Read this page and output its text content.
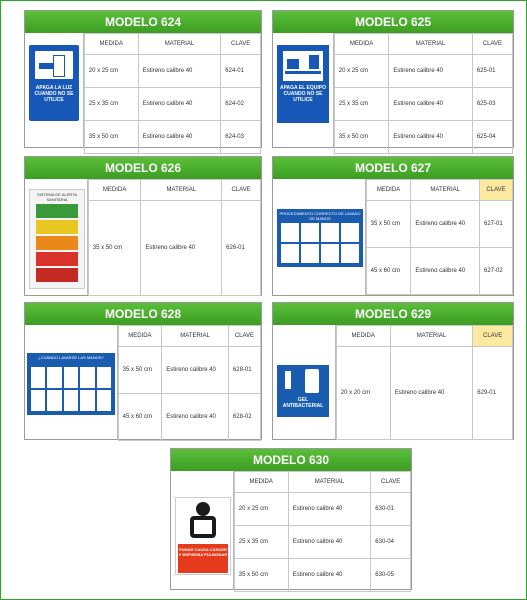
MODELO 624
APAGA LA LUZ CUANDO NO SE UTILICE
MEDIDA	MATERIAL	CLAVE
20 x 25 cm	Estireno calibre 40	624-01
25 x 35 cm	Estireno calibre 40	624-02
35 x 50 cm	Estireno calibre 40	624-03
MODELO 625
APAGA EL EQUIPO CUANDO NO SE UTILICE
MEDIDA	MATERIAL	CLAVE
20 x 25 cm	Estireno calibre 40	625-01
25 x 35 cm	Estireno calibre 40	625-03
35 x 50 cm	Estireno calibre 40	625-04
MODELO 626
SISTEMA DE ALERTA SANITARIA
MEDIDA	MATERIAL	CLAVE
35 x 50 cm	Estireno calibre 40	626-01
MODELO 627
PROCEDIMIENTO CORRECTO DE LAVADO DE MANOS
MEDIDA	MATERIAL	CLAVE
35 x 50 cm	Estireno calibre 40	627-01
45 x 60 cm	Estireno calibre 40	627-02
MODELO 628
¿CUÁNDO LAVARSE LAS MANOS?
MEDIDA	MATERIAL	CLAVE
35 x 50 cm	Estireno calibre 40	628-01
45 x 60 cm	Estireno calibre 40	628-02
MODELO 629
GEL ANTIBACTERIAL
MEDIDA	MATERIAL	CLAVE
20 x 20 cm	Estireno calibre 40	629-01
MODELO 630
FUMAR CAUSA CÁNCER Y ENFISEMA PULMONAR
MEDIDA	MATERIAL	CLAVE
20 x 25 cm	Estireno calibre 40	630-01
25 x 35 cm	Estireno calibre 40	630-04
35 x 50 cm	Estireno calibre 40	630-05
